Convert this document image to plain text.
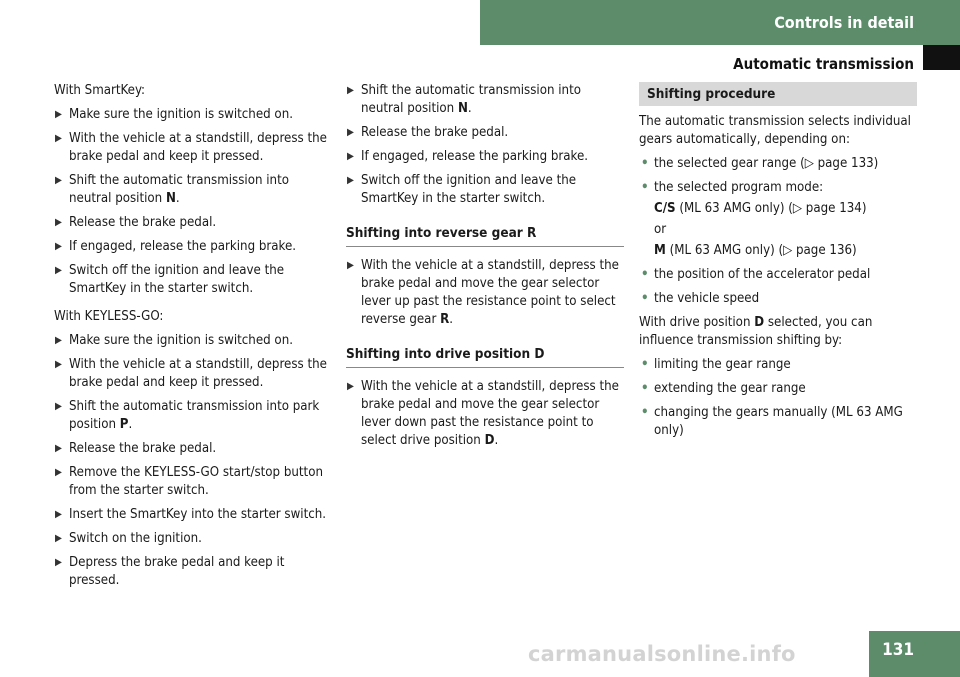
Controls in detail
Automatic transmission

With SmartKey:

▶ Make sure the ignition is switched on.
▶ With the vehicle at a standstill, depress the brake pedal and keep it pressed.
▶ Shift the automatic transmission into neutral position N.
▶ Release the brake pedal.
▶ If engaged, release the parking brake.
▶ Switch off the ignition and leave the SmartKey in the starter switch.

With KEYLESS-GO:

▶ Make sure the ignition is switched on.
▶ With the vehicle at a standstill, depress the brake pedal and keep it pressed.
▶ Shift the automatic transmission into park position P.
▶ Release the brake pedal.
▶ Remove the KEYLESS-GO start/stop button from the starter switch.
▶ Insert the SmartKey into the starter switch.
▶ Switch on the ignition.
▶ Depress the brake pedal and keep it pressed.
▶ Shift the automatic transmission into neutral position N.
▶ Release the brake pedal.
▶ If engaged, release the parking brake.
▶ Switch off the ignition and leave the SmartKey in the starter switch.
Shifting into reverse gear R
▶ With the vehicle at a standstill, depress the brake pedal and move the gear selector lever up past the resistance point to select reverse gear R.
Shifting into drive position D
▶ With the vehicle at a standstill, depress the brake pedal and move the gear selector lever down past the resistance point to select drive position D.
Shifting procedure

The automatic transmission selects individual gears automatically, depending on:

• the selected gear range (▷ page 133)
• the selected program mode:
C/S (ML 63 AMG only) (▷ page 134)
or
M (ML 63 AMG only) (▷ page 136)
• the position of the accelerator pedal
• the vehicle speed

With drive position D selected, you can influence transmission shifting by:

• limiting the gear range
• extending the gear range
• changing the gears manually (ML 63 AMG only)
131
carmanualsonline.info
